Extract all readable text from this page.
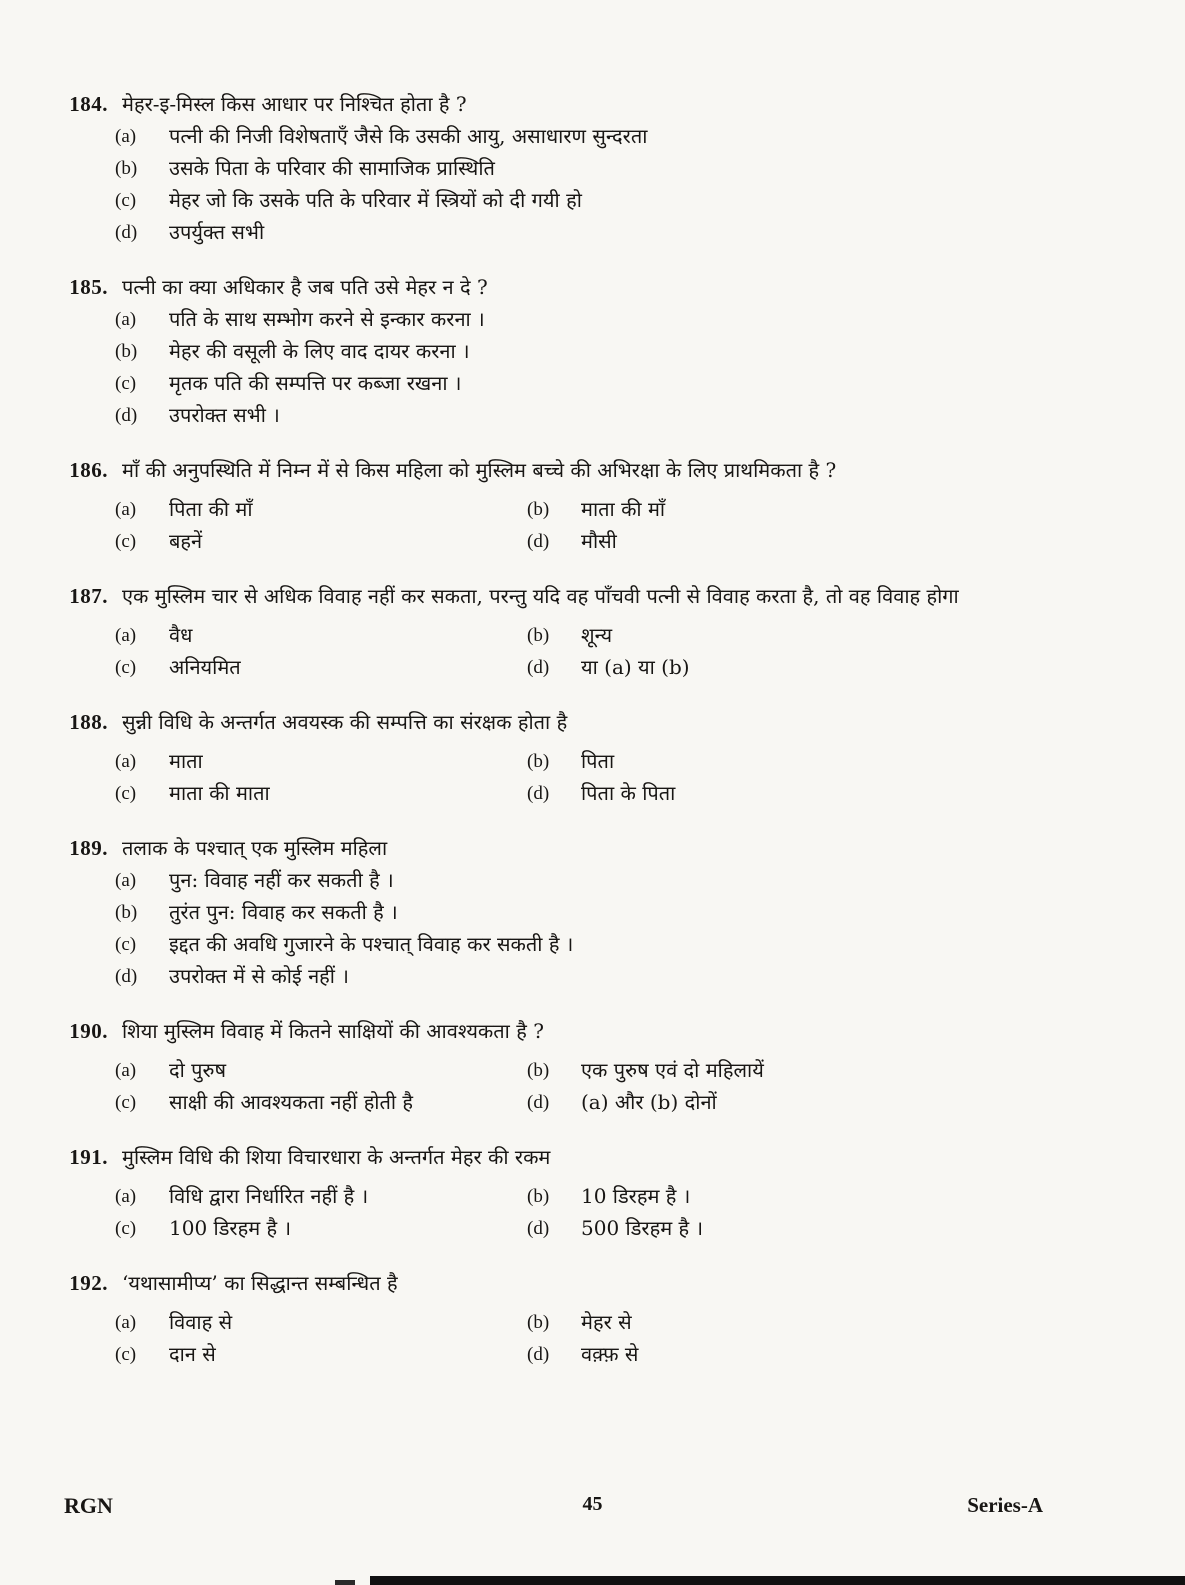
184. मेहर-इ-मिस्ल किस आधार पर निश्चित होता है ?
(a)	पत्नी की निजी विशेषताएँ जैसे कि उसकी आयु, असाधारण सुन्दरता
(b)	उसके पिता के परिवार की सामाजिक प्रास्थिति
(c)	मेहर जो कि उसके पति के परिवार में स्त्रियों को दी गयी हो
(d)	उपर्युक्त सभी
185. पत्नी का क्या अधिकार है जब पति उसे मेहर न दे ?
(a)	पति के साथ सम्भोग करने से इन्कार करना ।
(b)	मेहर की वसूली के लिए वाद दायर करना ।
(c)	मृतक पति की सम्पत्ति पर कब्जा रखना ।
(d)	उपरोक्त सभी ।
186. माँ की अनुपस्थिति में निम्न में से किस महिला को मुस्लिम बच्चे की अभिरक्षा के लिए प्राथमिकता है ?
(a)	पिता की माँ	(b)	माता की माँ
(c)	बहनें	(d)	मौसी
187. एक मुस्लिम चार से अधिक विवाह नहीं कर सकता, परन्तु यदि वह पाँचवी पत्नी से विवाह करता है, तो वह विवाह होगा
(a)	वैध	(b)	शून्य
(c)	अनियमित	(d)	या (a) या (b)
188. सुन्नी विधि के अन्तर्गत अवयस्क की सम्पत्ति का संरक्षक होता है
(a)	माता	(b)	पिता
(c)	माता की माता	(d)	पिता के पिता
189. तलाक के पश्चात् एक मुस्लिम महिला
(a)	पुन: विवाह नहीं कर सकती है ।
(b)	तुरंत पुन: विवाह कर सकती है ।
(c)	इद्दत की अवधि गुजारने के पश्चात् विवाह कर सकती है ।
(d)	उपरोक्त में से कोई नहीं ।
190. शिया मुस्लिम विवाह में कितने साक्षियों की आवश्यकता है ?
(a)	दो पुरुष	(b)	एक पुरुष एवं दो महिलायें
(c)	साक्षी की आवश्यकता नहीं होती है	(d)	(a) और (b) दोनों
191. मुस्लिम विधि की शिया विचारधारा के अन्तर्गत मेहर की रकम
(a)	विधि द्वारा निर्धारित नहीं है ।	(b)	10 डिरहम है ।
(c)	100 डिरहम है ।	(d)	500 डिरहम है ।
192. ‘यथासामीप्य’ का सिद्धान्त सम्बन्धित है
(a)	विवाह से	(b)	मेहर से
(c)	दान से	(d)	वक़्फ़ से
RGN	45	Series-A
